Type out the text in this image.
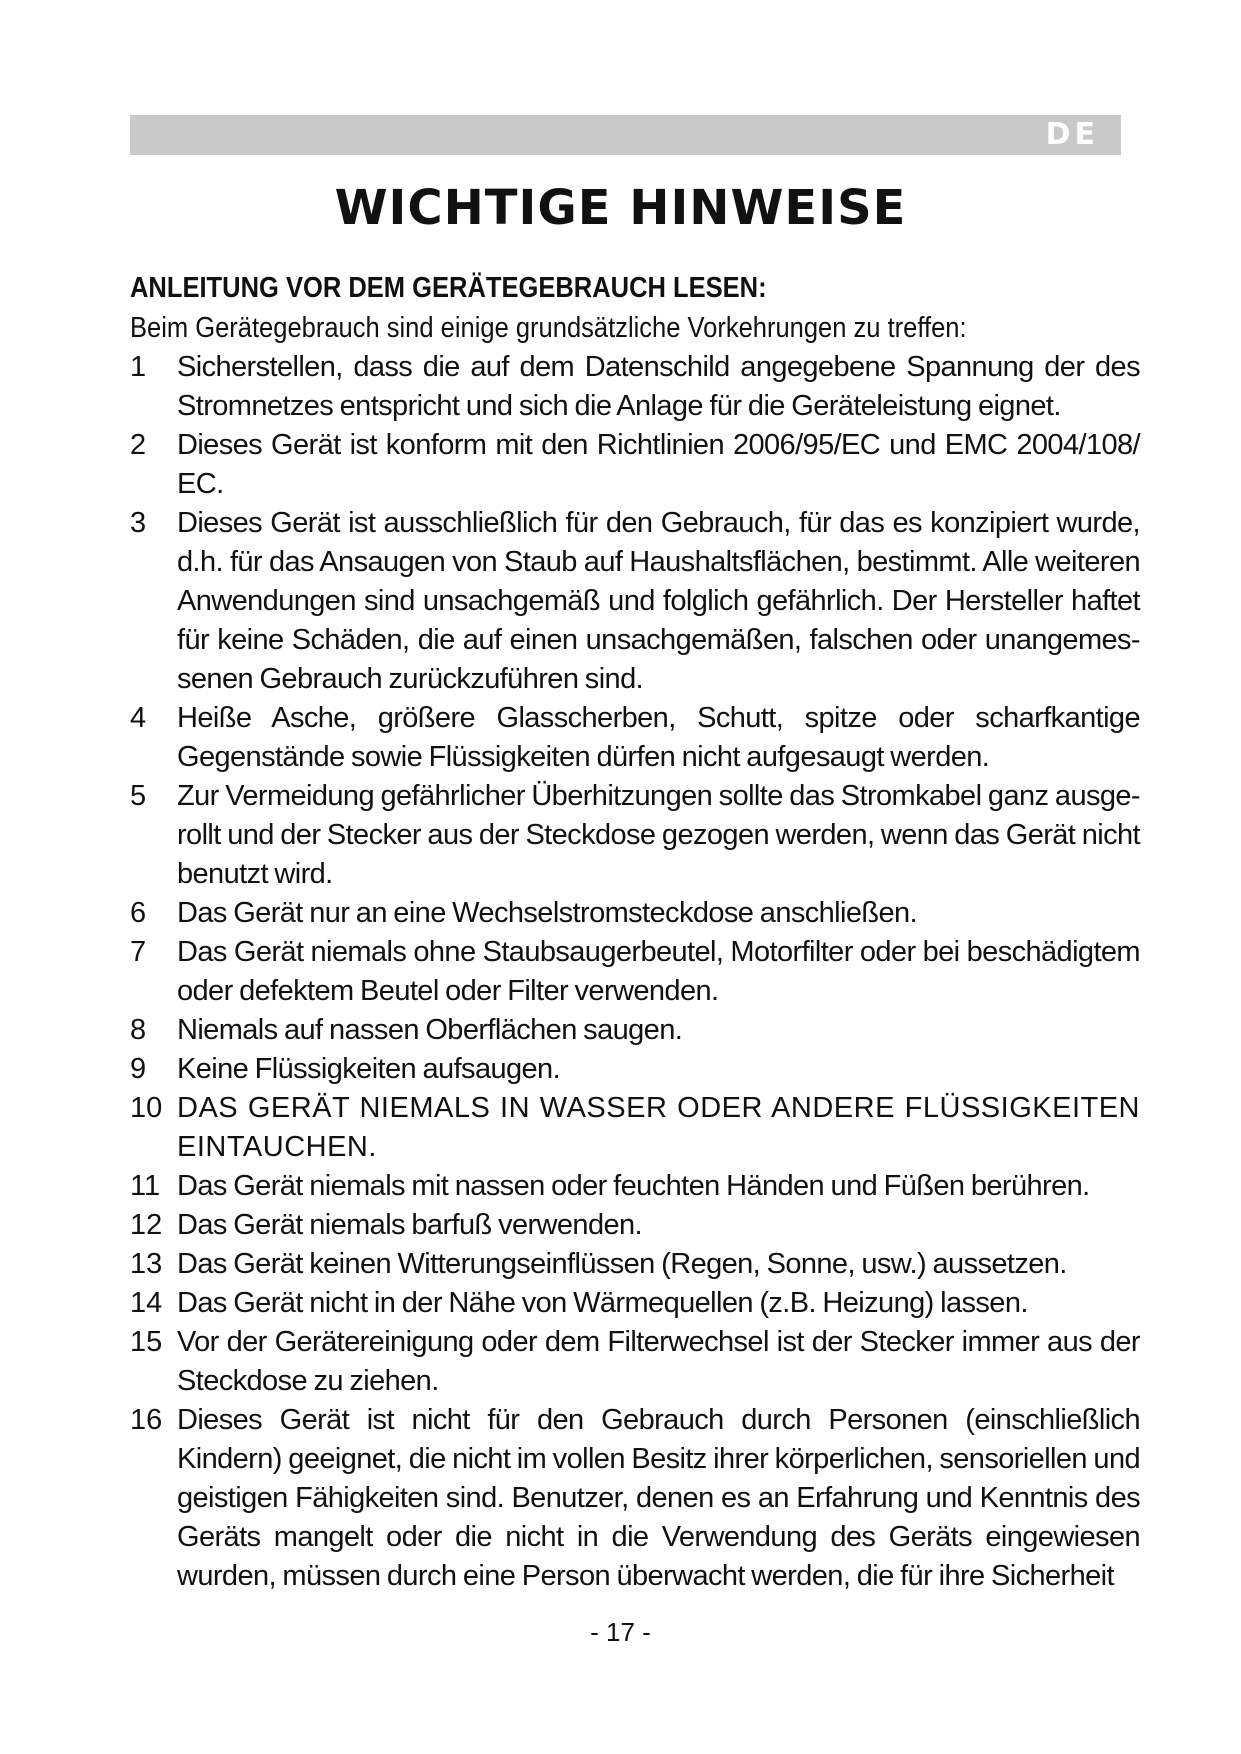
DE
WICHTIGE HINWEISE
ANLEITUNG VOR DEM GERÄTEGEBRAUCH LESEN:
Beim Gerätegebrauch sind einige grundsätzliche Vorkehrungen zu treffen:
1	Sicherstellen, dass die auf dem Datenschild angegebene Spannung der des Stromnetzes entspricht und sich die Anlage für die Geräteleistung eignet.
2	Dieses Gerät ist konform mit den Richtlinien 2006/95/EC und EMC 2004/108/ EC.
3	Dieses Gerät ist ausschließlich für den Gebrauch, für das es konzipiert wurde, d.h. für das Ansaugen von Staub auf Haushaltsflächen, bestimmt. Alle weiteren Anwendungen sind unsachgemäß und folglich gefährlich. Der Hersteller haftet für keine Schäden, die auf einen unsachgemäßen, falschen oder unangemes-senen Gebrauch zurückzuführen sind.
4	Heiße Asche, größere Glasscherben, Schutt, spitze oder scharfkantige Gegenstände sowie Flüssigkeiten dürfen nicht aufgesaugt werden.
5	Zur Vermeidung gefährlicher Überhitzungen sollte das Stromkabel ganz ausge-rollt und der Stecker aus der Steckdose gezogen werden, wenn das Gerät nicht benutzt wird.
6	Das Gerät nur an eine Wechselstromsteckdose anschließen.
7	Das Gerät niemals ohne Staubsaugerbeutel, Motorfilter oder bei beschädigtem oder defektem Beutel oder Filter verwenden.
8	Niemals auf nassen Oberflächen saugen.
9	Keine Flüssigkeiten aufsaugen.
10 DAS GERÄT NIEMALS IN WASSER ODER ANDERE FLÜSSIGKEITEN EINTAUCHEN.
11 Das Gerät niemals mit nassen oder feuchten Händen und Füßen berühren.
12 Das Gerät niemals barfuß verwenden.
13 Das Gerät keinen Witterungseinflüssen (Regen, Sonne, usw.) aussetzen.
14 Das Gerät nicht in der Nähe von Wärmequellen (z.B. Heizung) lassen.
15 Vor der Gerätereinigung oder dem Filterwechsel ist der Stecker immer aus der Steckdose zu ziehen.
16 Dieses Gerät ist nicht für den Gebrauch durch Personen (einschließlich Kindern) geeignet, die nicht im vollen Besitz ihrer körperlichen, sensoriellen und geistigen Fähigkeiten sind. Benutzer, denen es an Erfahrung und Kenntnis des Geräts mangelt oder die nicht in die Verwendung des Geräts eingewiesen wurden, müssen durch eine Person überwacht werden, die für ihre Sicherheit
- 17 -
